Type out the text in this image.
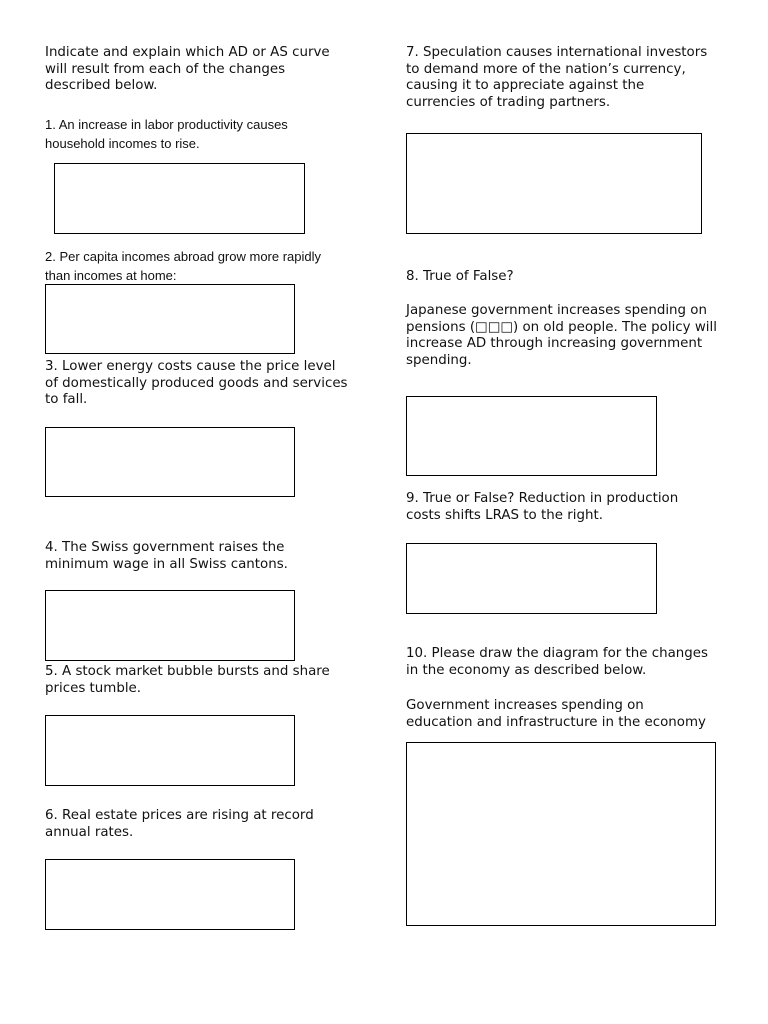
Indicate and explain which AD or AS curve
will result from each of the changes
described below.
1. An increase in labor productivity causes
household incomes to rise.
2. Per capita incomes abroad grow more rapidly
than incomes at home:
3. Lower energy costs cause the price level
of domestically produced goods and services
to fall.
4. The Swiss government raises the
minimum wage in all Swiss cantons.
5. A stock market bubble bursts and share
prices tumble.
6. Real estate prices are rising at record
annual rates.
7. Speculation causes international investors
to demand more of the nation’s currency,
causing it to appreciate against the
currencies of trading partners.
8. True of False?
Japanese government increases spending on
pensions (□□□) on old people. The policy will
increase AD through increasing government
spending.
9. True or False? Reduction in production
costs shifts LRAS to the right.
10. Please draw the diagram for the changes
in the economy as described below.
Government increases spending on
education and infrastructure in the economy
